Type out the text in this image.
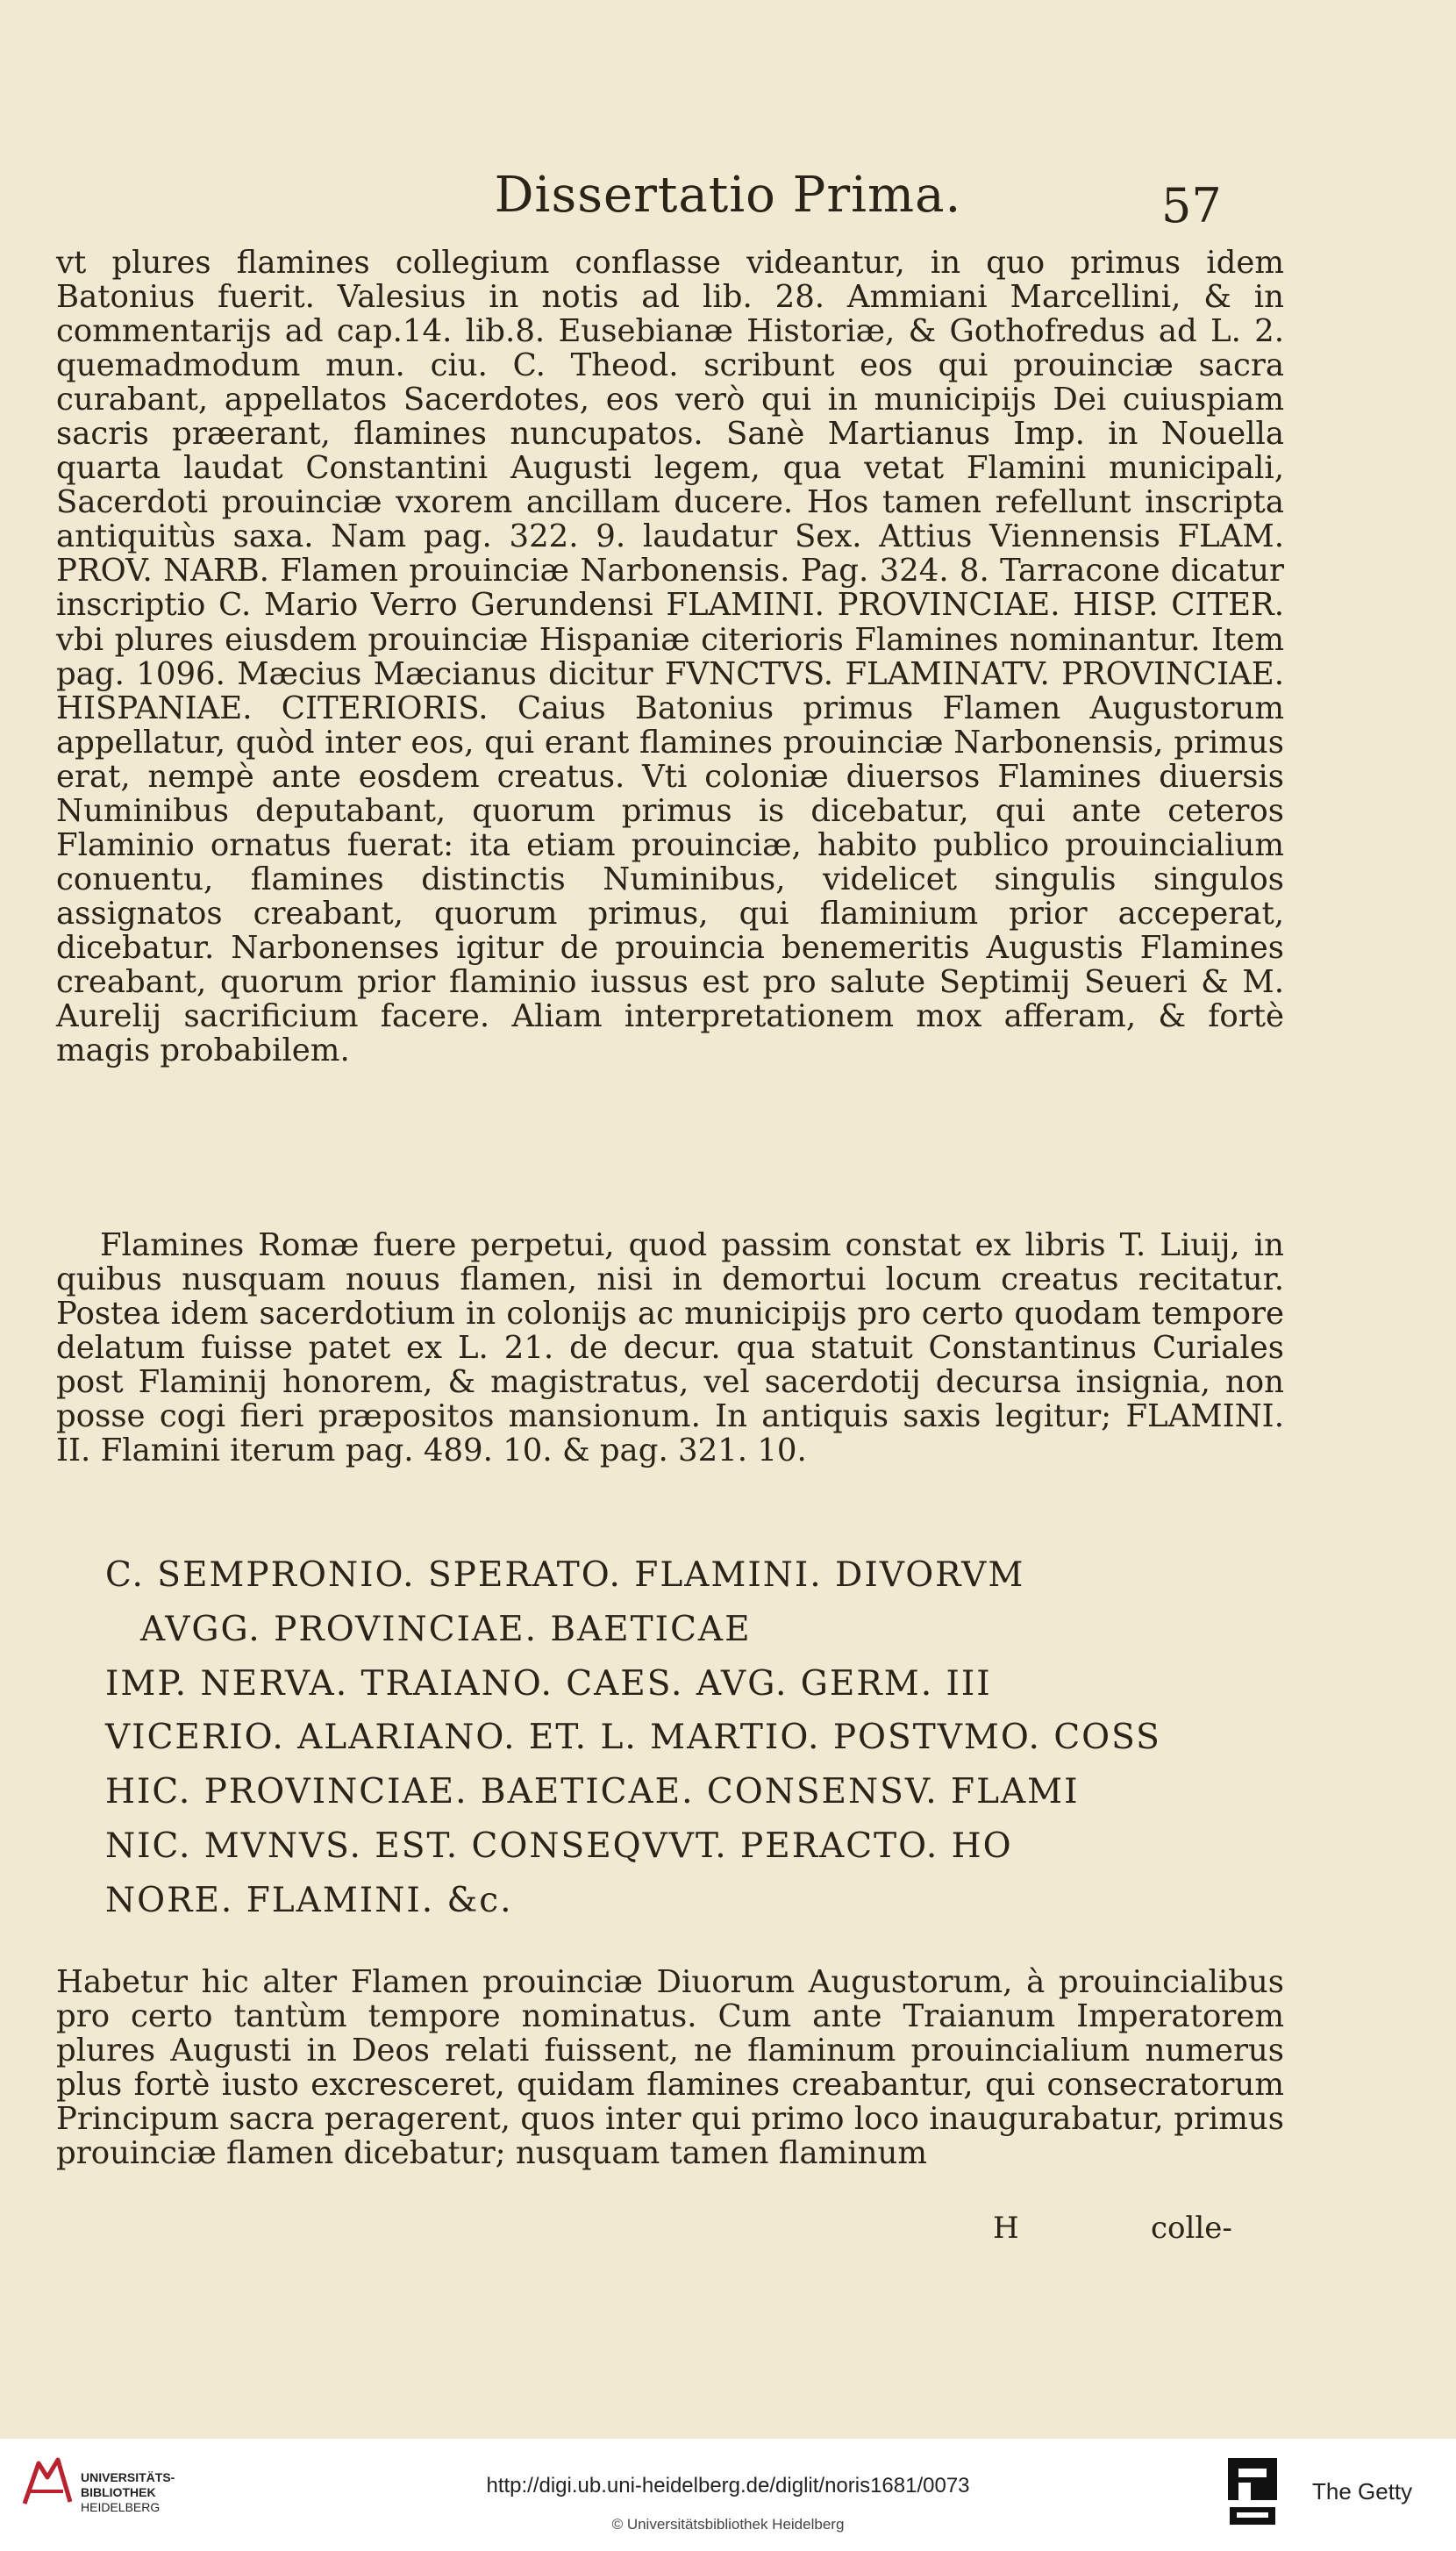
Dissertatio Prima.	57
vt plures flamines collegium conflasse videantur, in quo primus idem Batonius fuerit. Valesius in notis ad lib. 28. Ammiani Marcellini, & in commentarijs ad cap.14. lib.8. Eusebianæ Historiæ, & Gothofredus ad L. 2. quemadmodum mun. ciu. C. Theod. scribunt eos qui prouinciæ sacra curabant, appellatos Sacerdotes, eos verò qui in municipijs Dei cuiuspiam sacris præerant, flamines nuncupatos. Sanè Martianus Imp. in Nouella quarta laudat Constantini Augusti legem, qua vetat Flamini municipali, Sacerdoti prouinciæ vxorem ancillam ducere. Hos tamen refellunt inscripta antiquitùs saxa. Nam pag. 322. 9. laudatur Sex. Attius Viennensis FLAM. PROV. NARB. Flamen prouinciæ Narbonensis. Pag. 324. 8. Tarracone dicatur inscriptio C. Mario Verro Gerundensi FLAMINI. PROVINCIAE. HISP. CITER. vbi plures eiusdem prouinciæ Hispaniæ citerioris Flamines nominantur. Item pag. 1096. Mæcius Mæcianus dicitur FVNCTVS. FLAMINATV. PROVINCIAE. HISPANIAE. CITERIORIS. Caius Batonius primus Flamen Augustorum appellatur, quòd inter eos, qui erant flamines prouinciæ Narbonensis, primus erat, nempè ante eosdem creatus. Vti coloniæ diuersos Flamines diuersis Numinibus deputabant, quorum primus is dicebatur, qui ante ceteros Flaminio ornatus fuerat: ita etiam prouinciæ, habito publico prouincialium conuentu, flamines distinctis Numinibus, videlicet singulis singulos assignatos creabant, quorum primus, qui flaminium prior acceperat, dicebatur. Narbonenses igitur de prouincia benemeritis Augustis Flamines creabant, quorum prior flaminio iussus est pro salute Septimij Seueri & M. Aurelij sacrificium facere. Aliam interpretationem mox afferam, & fortè magis probabilem.
Flamines Romæ fuere perpetui, quod passim constat ex libris T. Liuij, in quibus nusquam nouus flamen, nisi in demortui locum creatus recitatur. Postea idem sacerdotium in colonijs ac municipijs pro certo quodam tempore delatum fuisse patet ex L. 21. de decur. qua statuit Constantinus Curiales post Flaminij honorem, & magistratus, vel sacerdotij decursa insignia, non posse cogi fieri præpositos mansionum. In antiquis saxis legitur; FLAMINI. II. Flamini iterum pag. 489. 10. & pag. 321. 10.
C. SEMPRONIO. SPERATO. FLAMINI. DIVORVM
AVGG. PROVINCIAE. BAETICAE
IMP. NERVA. TRAIANO. CAES. AVG. GERM. III
VICERIO. ALARIANO. ET. L. MARTIO. POSTVMO. COSS
HIC. PROVINCIAE. BAETICAE. CONSENSV. FLAMI
NIC. MVNVS. EST. CONSEQVVT. PERACTO. HO
NORE. FLAMINI. &c.
Habetur hic alter Flamen prouinciæ Diuorum Augustorum, à prouincialibus pro certo tantùm tempore nominatus. Cum ante Traianum Imperatorem plures Augusti in Deos relati fuissent, ne flaminum prouincialium numerus plus fortè iusto excresceret, quidam flamines creabantur, qui consecratorum Principum sacra peragerent, quos inter qui primo loco inaugurabatur, primus prouinciæ flamen dicebatur; nusquam tamen flaminum
H	colle-
UNIVERSITÄTS-
BIBLIOTHEK
HEIDELBERG
http://digi.ub.uni-heidelberg.de/diglit/noris1681/0073
© Universitätsbibliothek Heidelberg
The Getty
